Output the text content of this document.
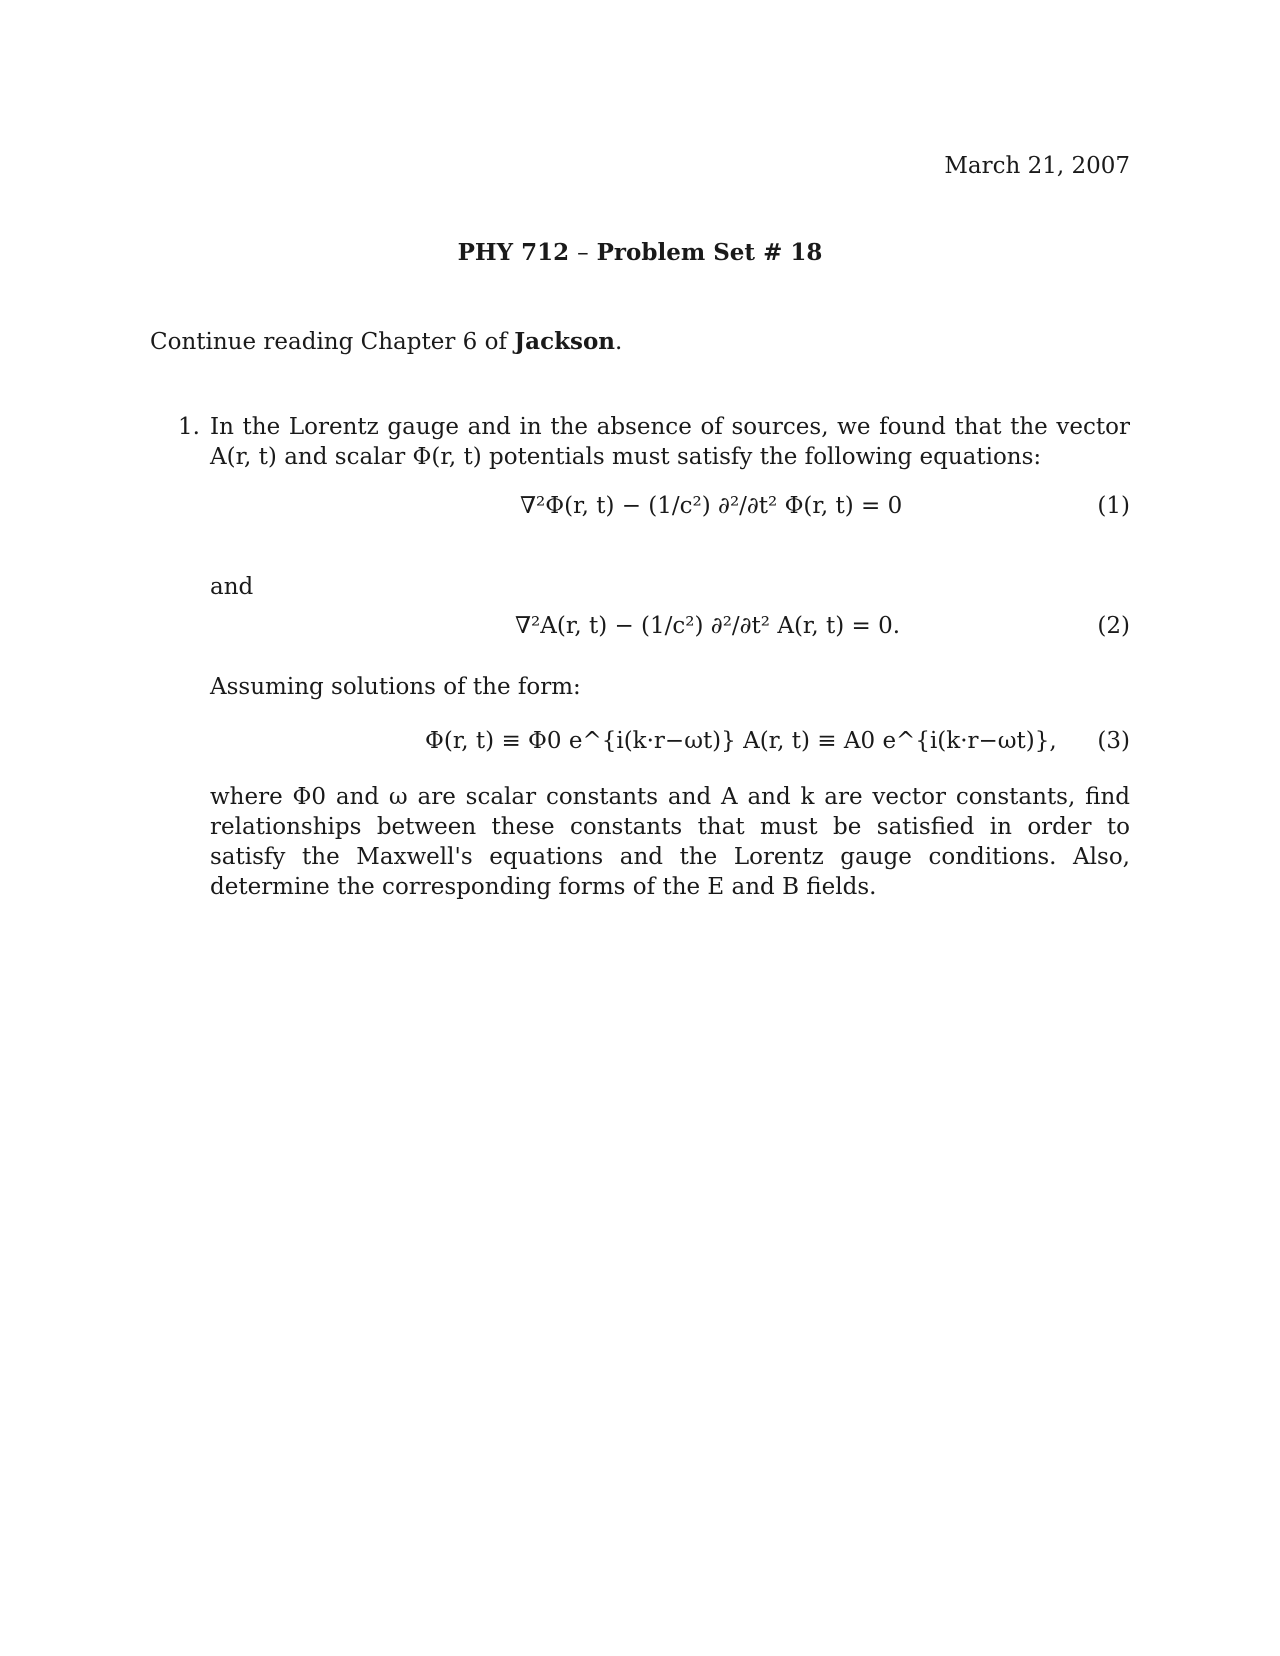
March 21, 2007
PHY 712 – Problem Set # 18
Continue reading Chapter 6 of Jackson.
1. In the Lorentz gauge and in the absence of sources, we found that the vector A(r, t) and scalar Φ(r, t) potentials must satisfy the following equations:
∇²Φ(r, t) − (1/c²) ∂²/∂t² Φ(r, t) = 0	(1)
and
∇²A(r, t) − (1/c²) ∂²/∂t² A(r, t) = 0.	(2)
Assuming solutions of the form:
Φ(r, t) ≡ Φ0 e^{i(k·r−ωt)} A(r, t) ≡ A0 e^{i(k·r−ωt)}, (3)
where Φ0 and ω are scalar constants and A and k are vector constants, find relationships between these constants that must be satisfied in order to satisfy the Maxwell's equations and the Lorentz gauge conditions. Also, determine the corresponding forms of the E and B fields.
